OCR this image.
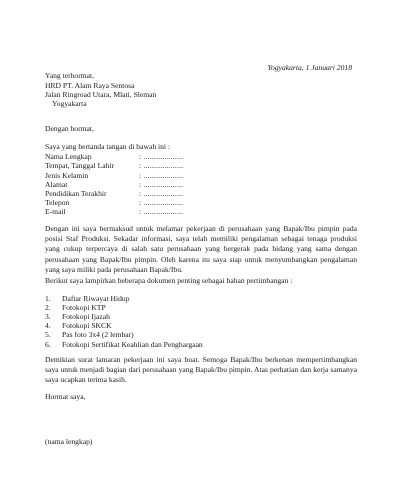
Yogyakarta, 1 Januari 2018
Yang terhormat,
HRD PT. Alam Raya Sentosa
Jalan Ringroad Utara, Mlati, Sleman
Yogyakarta
Dengan hormat,
Saya yang bertanda tangan di bawah ini :
Nama Lengkap	: ...................
Tempat, Tanggal Lahir	: ...................
Jenis Kelamin	: ...................
Alamat	: ...................
Pendidikan Terakhir	: ...................
Telepon	: ...................
E-mail	: ...................
Dengan ini saya bermaksud untuk melamar pekerjaan di perusahaan yang Bapak/Ibu pimpin pada posisi Staf Produksi. Sekadar informasi, saya telah memiliki pengalaman sebagai tenaga produksi yang cukup terpercaya di salah satu perusahaan yang bergerak pada bidang yang sama dengan perusahaan yang Bapak/Ibu pimpin. Oleh karena itu saya siap untuk menyumbangkan pengalaman yang saya miliki pada perusahaan Bapak/Ibu.
Berikut saya lampirkan beberapa dokumen penting sebagai bahan pertimbangan :
1. Daftar Riwayat Hidup
2. Fotokopi KTP
3. Fotokopi Ijazah
4. Fotokopi SKCK
5. Pas foto 3x4 (2 lembar)
6. Fotokopi Sertifikat Keahlian dan Penghargaan
Demikian surat lamaran pekerjaan ini saya buat. Semoga Bapak/Ibu berkenan mempertimbangkan saya untuk menjadi bagian dari perusahaan yang Bapak/Ibu pimpin. Atas perhatian dan kerja samanya saya ucapkan terima kasih.
Hormat saya,
(nama lengkap)
